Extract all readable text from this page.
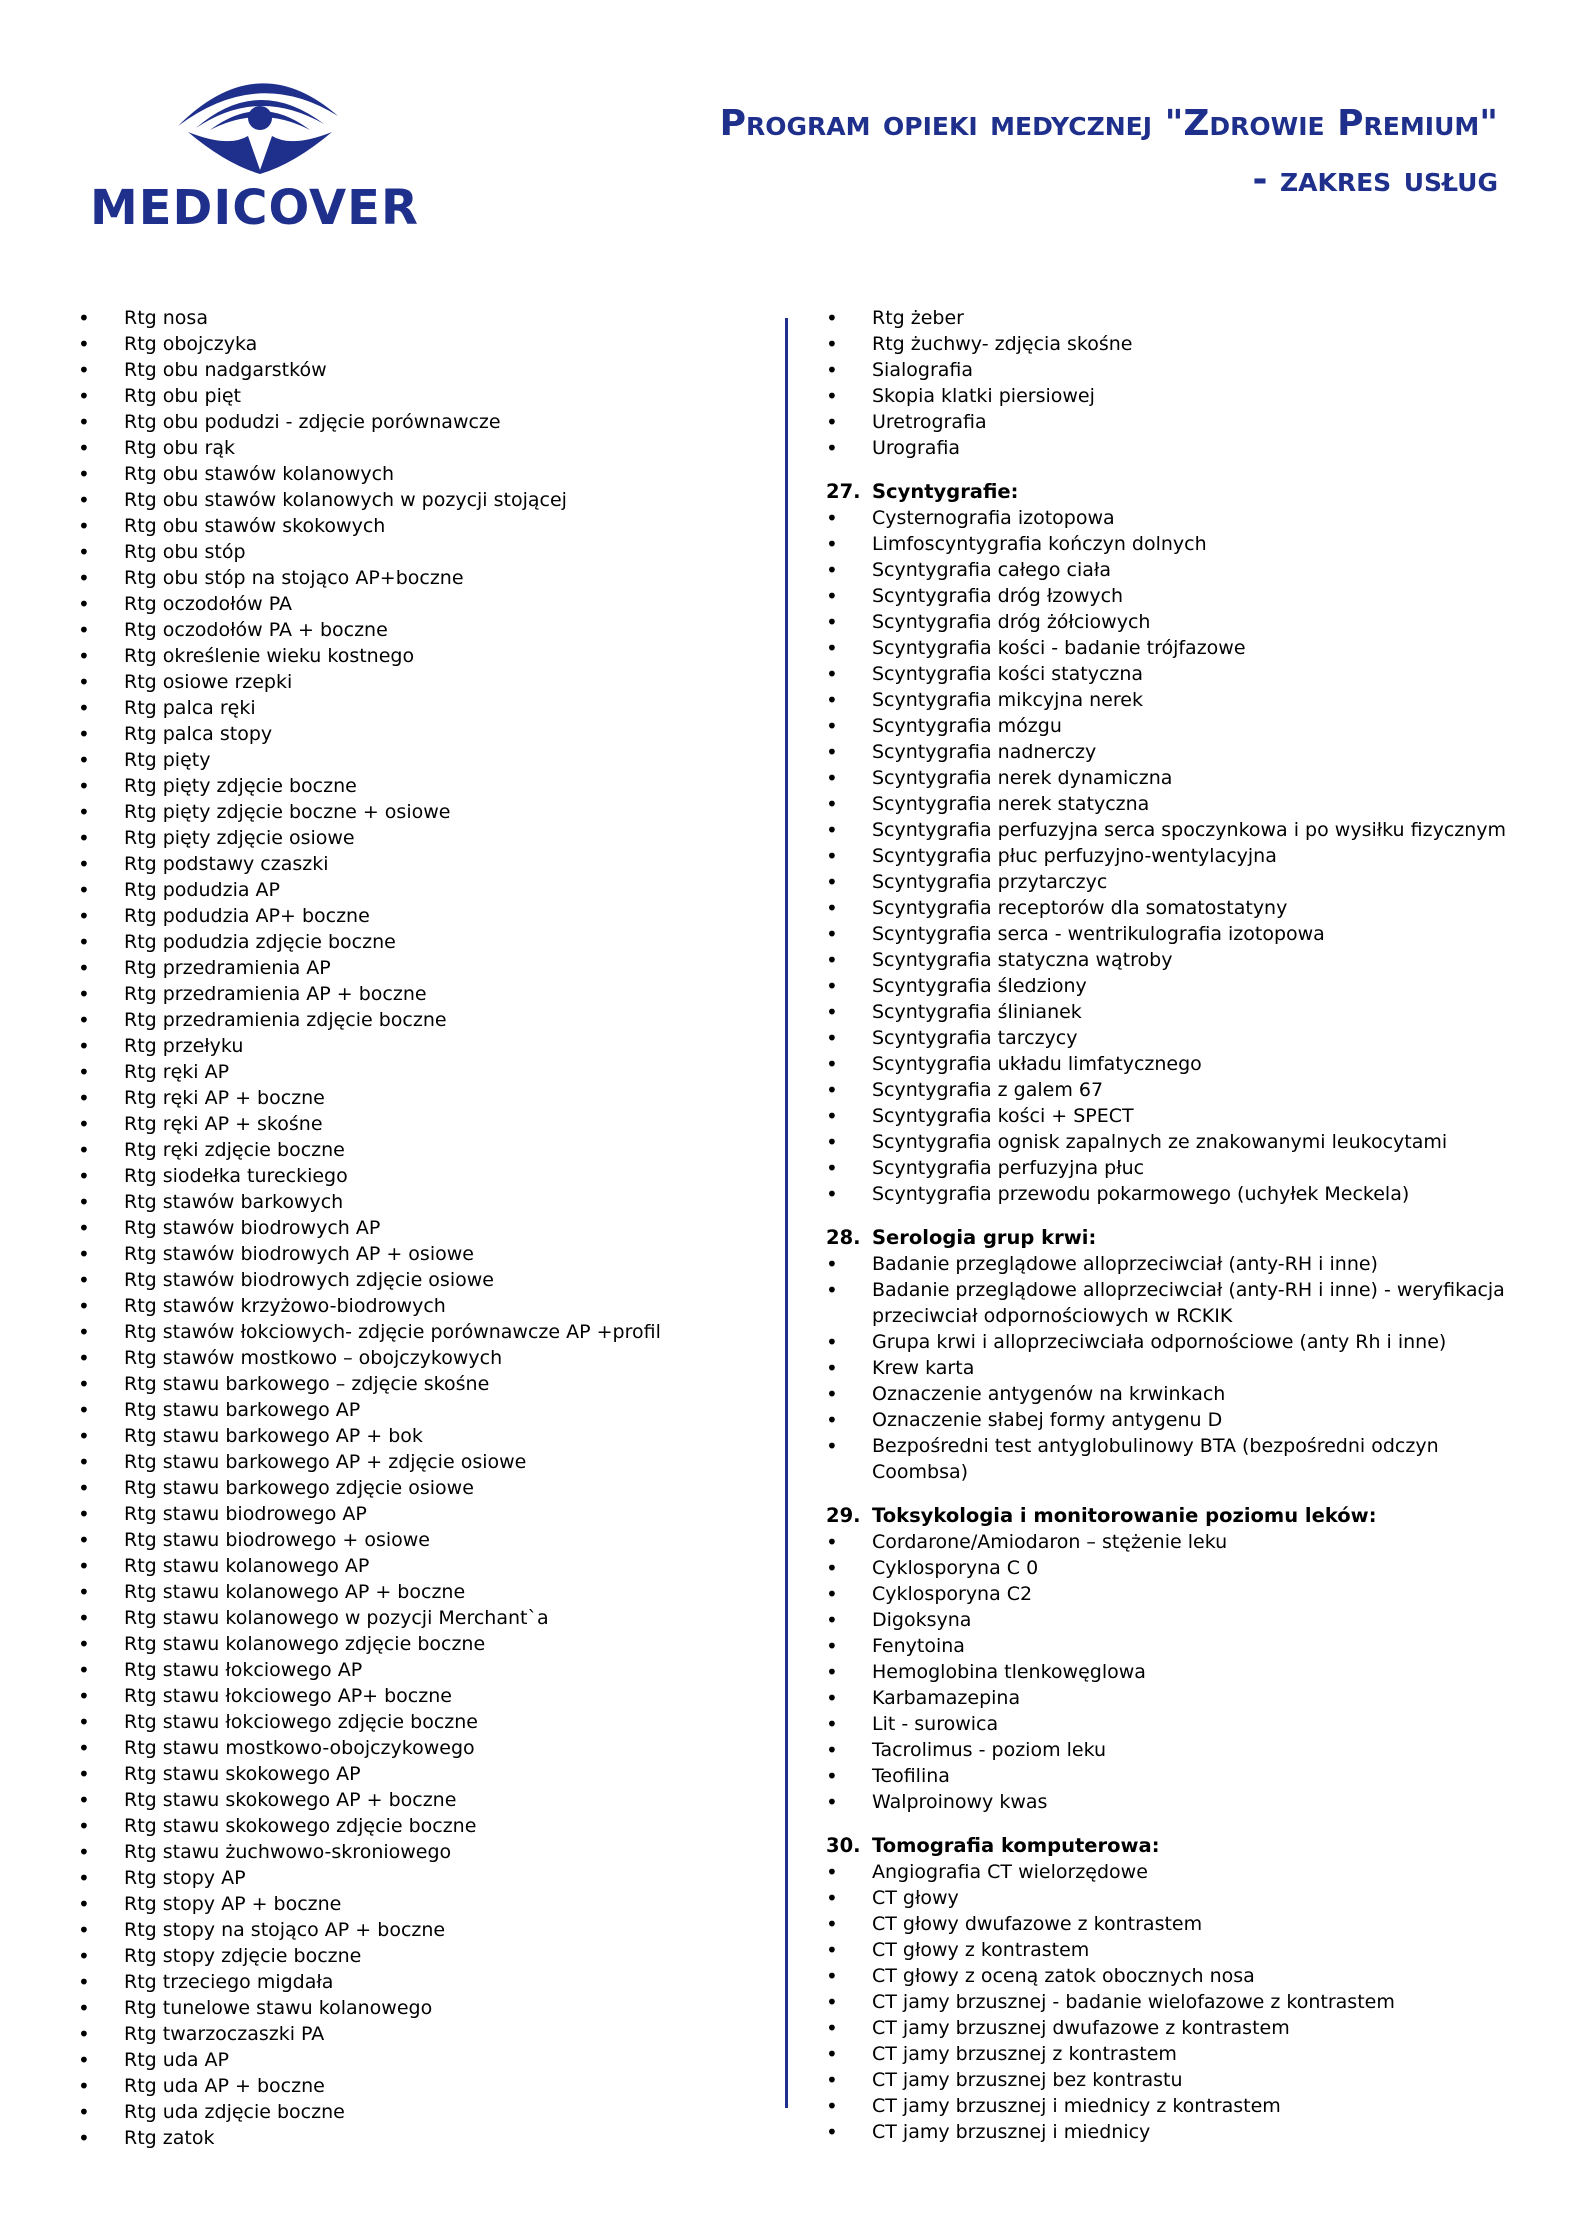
MEDICOVER
Program opieki medycznej "Zdrowie Premium"
- zakres usług
• Rtg nosa
• Rtg obojczyka
• Rtg obu nadgarstków
• Rtg obu pięt
• Rtg obu podudzi - zdjęcie porównawcze
• Rtg obu rąk
• Rtg obu stawów kolanowych
• Rtg obu stawów kolanowych w pozycji stojącej
• Rtg obu stawów skokowych
• Rtg obu stóp
• Rtg obu stóp na stojąco AP+boczne
• Rtg oczodołów PA
• Rtg oczodołów PA + boczne
• Rtg określenie wieku kostnego
• Rtg osiowe rzepki
• Rtg palca ręki
• Rtg palca stopy
• Rtg pięty
• Rtg pięty zdjęcie boczne
• Rtg pięty zdjęcie boczne + osiowe
• Rtg pięty zdjęcie osiowe
• Rtg podstawy czaszki
• Rtg podudzia AP
• Rtg podudzia AP+ boczne
• Rtg podudzia zdjęcie boczne
• Rtg przedramienia AP
• Rtg przedramienia AP + boczne
• Rtg przedramienia zdjęcie boczne
• Rtg przełyku
• Rtg ręki AP
• Rtg ręki AP + boczne
• Rtg ręki AP + skośne
• Rtg ręki zdjęcie boczne
• Rtg siodełka tureckiego
• Rtg stawów barkowych
• Rtg stawów biodrowych AP
• Rtg stawów biodrowych AP + osiowe
• Rtg stawów biodrowych zdjęcie osiowe
• Rtg stawów krzyżowo-biodrowych
• Rtg stawów łokciowych- zdjęcie porównawcze AP +profil
• Rtg stawów mostkowo – obojczykowych
• Rtg stawu barkowego – zdjęcie skośne
• Rtg stawu barkowego AP
• Rtg stawu barkowego AP + bok
• Rtg stawu barkowego AP + zdjęcie osiowe
• Rtg stawu barkowego zdjęcie osiowe
• Rtg stawu biodrowego AP
• Rtg stawu biodrowego + osiowe
• Rtg stawu kolanowego AP
• Rtg stawu kolanowego AP + boczne
• Rtg stawu kolanowego w pozycji Merchant`a
• Rtg stawu kolanowego zdjęcie boczne
• Rtg stawu łokciowego AP
• Rtg stawu łokciowego AP+ boczne
• Rtg stawu łokciowego zdjęcie boczne
• Rtg stawu mostkowo-obojczykowego
• Rtg stawu skokowego AP
• Rtg stawu skokowego AP + boczne
• Rtg stawu skokowego zdjęcie boczne
• Rtg stawu żuchwowo-skroniowego
• Rtg stopy AP
• Rtg stopy AP + boczne
• Rtg stopy na stojąco AP + boczne
• Rtg stopy zdjęcie boczne
• Rtg trzeciego migdała
• Rtg tunelowe stawu kolanowego
• Rtg twarzoczaszki PA
• Rtg uda AP
• Rtg uda AP + boczne
• Rtg uda zdjęcie boczne
• Rtg zatok
• Rtg żeber
• Rtg żuchwy- zdjęcia skośne
• Sialografia
• Skopia klatki piersiowej
• Uretrografia
• Urografia
27. Scyntygrafie:
• Cysternografia izotopowa
• Limfoscyntygrafia kończyn dolnych
• Scyntygrafia całego ciała
• Scyntygrafia dróg łzowych
• Scyntygrafia dróg żółciowych
• Scyntygrafia kości - badanie trójfazowe
• Scyntygrafia kości statyczna
• Scyntygrafia mikcyjna nerek
• Scyntygrafia mózgu
• Scyntygrafia nadnerczy
• Scyntygrafia nerek dynamiczna
• Scyntygrafia nerek statyczna
• Scyntygrafia perfuzyjna serca spoczynkowa i po wysiłku fizycznym
• Scyntygrafia płuc perfuzyjno-wentylacyjna
• Scyntygrafia przytarczyc
• Scyntygrafia receptorów dla somatostatyny
• Scyntygrafia serca - wentrikulografia izotopowa
• Scyntygrafia statyczna wątroby
• Scyntygrafia śledziony
• Scyntygrafia ślinianek
• Scyntygrafia tarczycy
• Scyntygrafia układu limfatycznego
• Scyntygrafia z galem 67
• Scyntygrafia kości + SPECT
• Scyntygrafia ognisk zapalnych ze znakowanymi leukocytami
• Scyntygrafia perfuzyjna płuc
• Scyntygrafia przewodu pokarmowego (uchyłek Meckela)
28. Serologia grup krwi:
• Badanie przeglądowe alloprzeciwciał (anty-RH i inne)
• Badanie przeglądowe alloprzeciwciał (anty-RH i inne) - weryfikacja przeciwciał odpornościowych w RCKIK
• Grupa krwi i alloprzeciwciała odpornościowe (anty Rh i inne)
• Krew karta
• Oznaczenie antygenów na krwinkach
• Oznaczenie słabej formy antygenu D
• Bezpośredni test antyglobulinowy BTA (bezpośredni odczyn Coombsa)
29. Toksykologia i monitorowanie poziomu leków:
• Cordarone/Amiodaron – stężenie leku
• Cyklosporyna C 0
• Cyklosporyna C2
• Digoksyna
• Fenytoina
• Hemoglobina tlenkowęglowa
• Karbamazepina
• Lit - surowica
• Tacrolimus - poziom leku
• Teofilina
• Walproinowy kwas
30. Tomografia komputerowa:
• Angiografia CT wielorzędowe
• CT głowy
• CT głowy dwufazowe z kontrastem
• CT głowy z kontrastem
• CT głowy z oceną zatok obocznych nosa
• CT jamy brzusznej - badanie wielofazowe z kontrastem
• CT jamy brzusznej dwufazowe z kontrastem
• CT jamy brzusznej z kontrastem
• CT jamy brzusznej bez kontrastu
• CT jamy brzusznej i miednicy z kontrastem
• CT jamy brzusznej i miednicy
